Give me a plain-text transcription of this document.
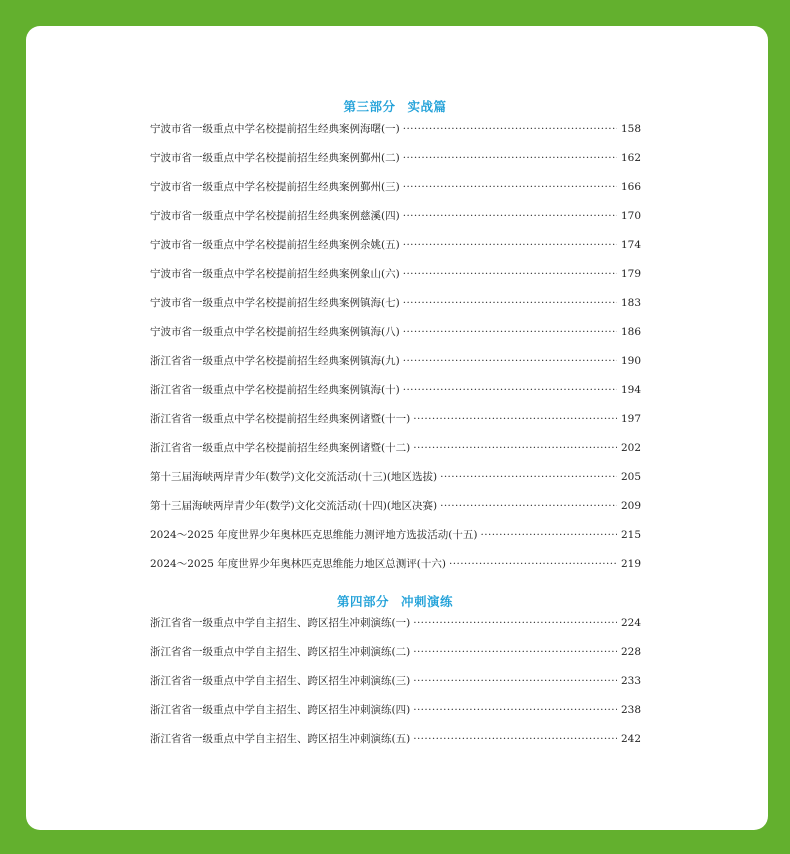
第三部分 实战篇
宁波市省一级重点中学名校提前招生经典案例海曙(一) ·····	158
宁波市省一级重点中学名校提前招生经典案例鄞州(二) ·····	162
宁波市省一级重点中学名校提前招生经典案例鄞州(三) ·····	166
宁波市省一级重点中学名校提前招生经典案例慈溪(四) ·····	170
宁波市省一级重点中学名校提前招生经典案例余姚(五) ·····	174
宁波市省一级重点中学名校提前招生经典案例象山(六) ·····	179
宁波市省一级重点中学名校提前招生经典案例镇海(七) ·····	183
宁波市省一级重点中学名校提前招生经典案例镇海(八) ·····	186
浙江省省一级重点中学名校提前招生经典案例镇海(九) ·····	190
浙江省省一级重点中学名校提前招生经典案例镇海(十) ·····	194
浙江省省一级重点中学名校提前招生经典案例诸暨(十一) ·····	197
浙江省省一级重点中学名校提前招生经典案例诸暨(十二) ·····	202
第十三届海峡两岸青少年(数学)文化交流活动(十三)(地区选拔) ·····	205
第十三届海峡两岸青少年(数学)文化交流活动(十四)(地区决赛) ·····	209
2024～2025 年度世界少年奥林匹克思维能力测评地方选拔活动(十五) ·····	215
2024～2025 年度世界少年奥林匹克思维能力地区总测评(十六) ·····	219
第四部分 冲刺演练
浙江省省一级重点中学自主招生、跨区招生冲刺演练(一) ·····	224
浙江省省一级重点中学自主招生、跨区招生冲刺演练(二) ·····	228
浙江省省一级重点中学自主招生、跨区招生冲刺演练(三) ·····	233
浙江省省一级重点中学自主招生、跨区招生冲刺演练(四) ·····	238
浙江省省一级重点中学自主招生、跨区招生冲刺演练(五) ·····	242
